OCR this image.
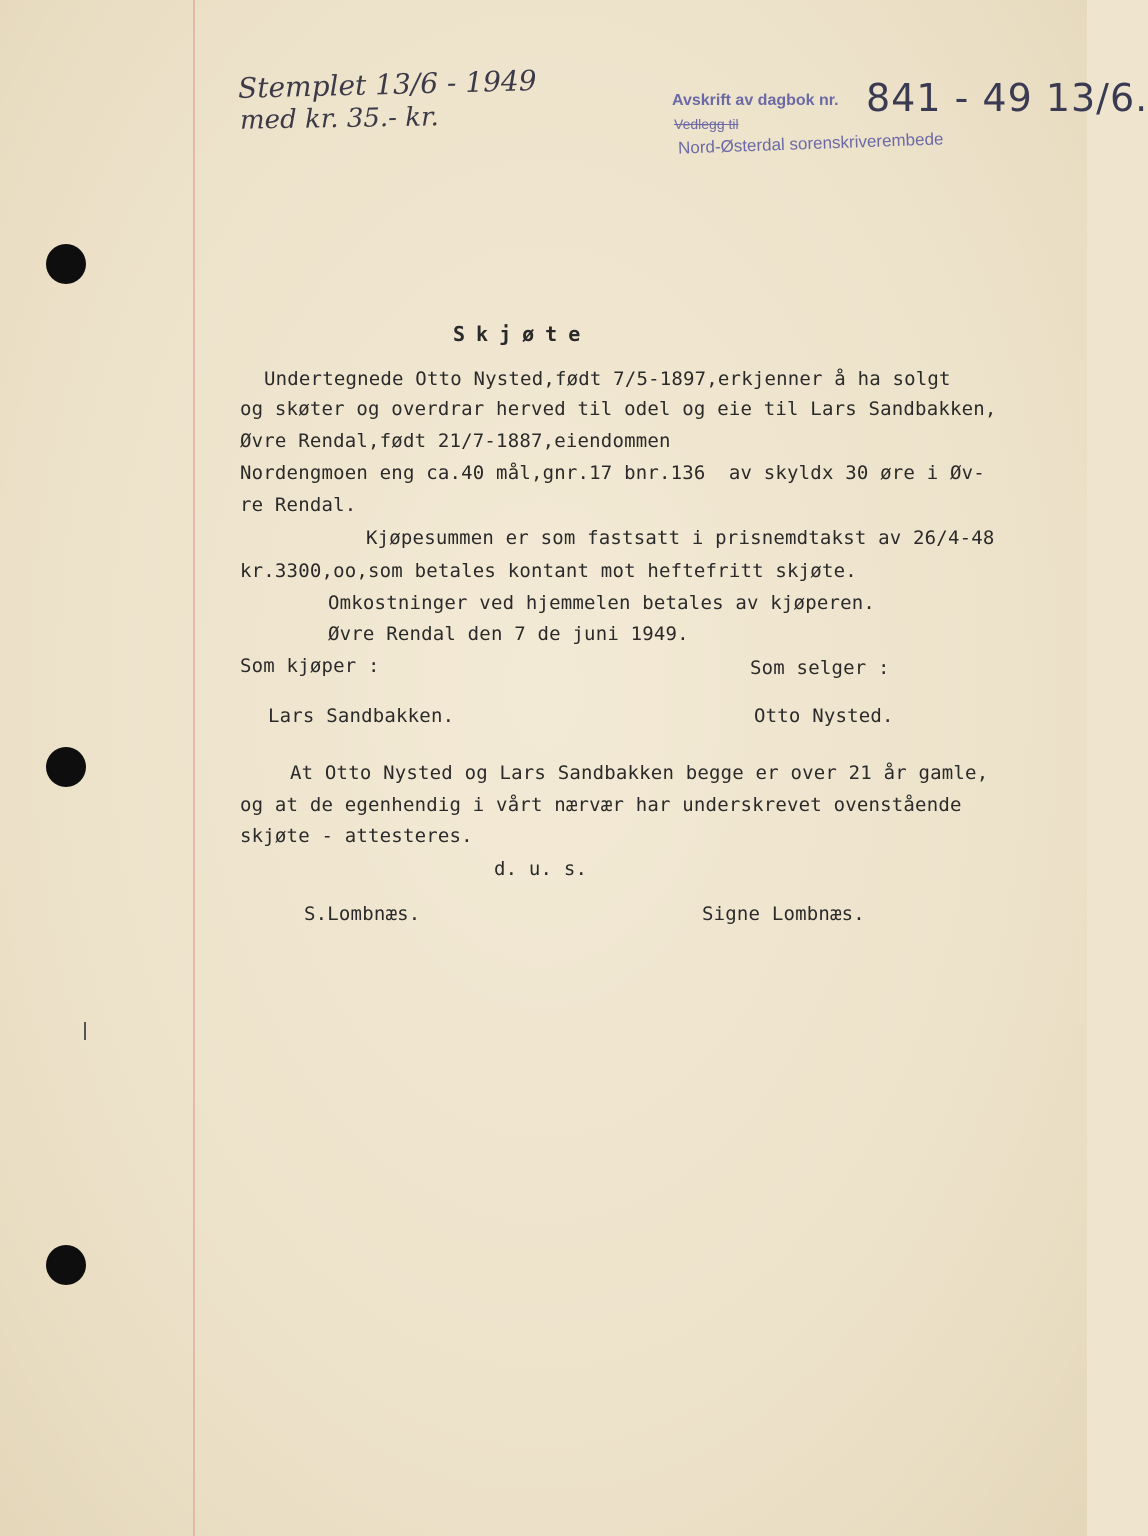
Stemplet 13/6 - 1949
med kr. 35.- kr.
Avskrift av dagbok nr.
Vedlegg til
Nord-Østerdal sorenskriverembede
841 - 49 13/6.
Skjøte
Undertegnede Otto Nysted,født 7/5-1897,erkjenner å ha solgt
og skøter og overdrar herved til odel og eie til Lars Sandbakken,
Øvre Rendal,født 21/7-1887,eiendommen
Nordengmoen eng ca.40 mål,gnr.17 bnr.136  av skyldx 30 øre i Øv-
re Rendal.
Kjøpesummen er som fastsatt i prisnemdtakst av 26/4-48
kr.3300,oo,som betales kontant mot heftefritt skjøte.
Omkostninger ved hjemmelen betales av kjøperen.
Øvre Rendal den 7 de juni 1949.
Som kjøper :	Som selger :
Lars Sandbakken.	Otto Nysted.
At Otto Nysted og Lars Sandbakken begge er over 21 år gamle,
og at de egenhendig i vårt nærvær har underskrevet ovenstående
skjøte - attesteres.
d. u. s.
S.Lombnæs.	Signe Lombnæs.
